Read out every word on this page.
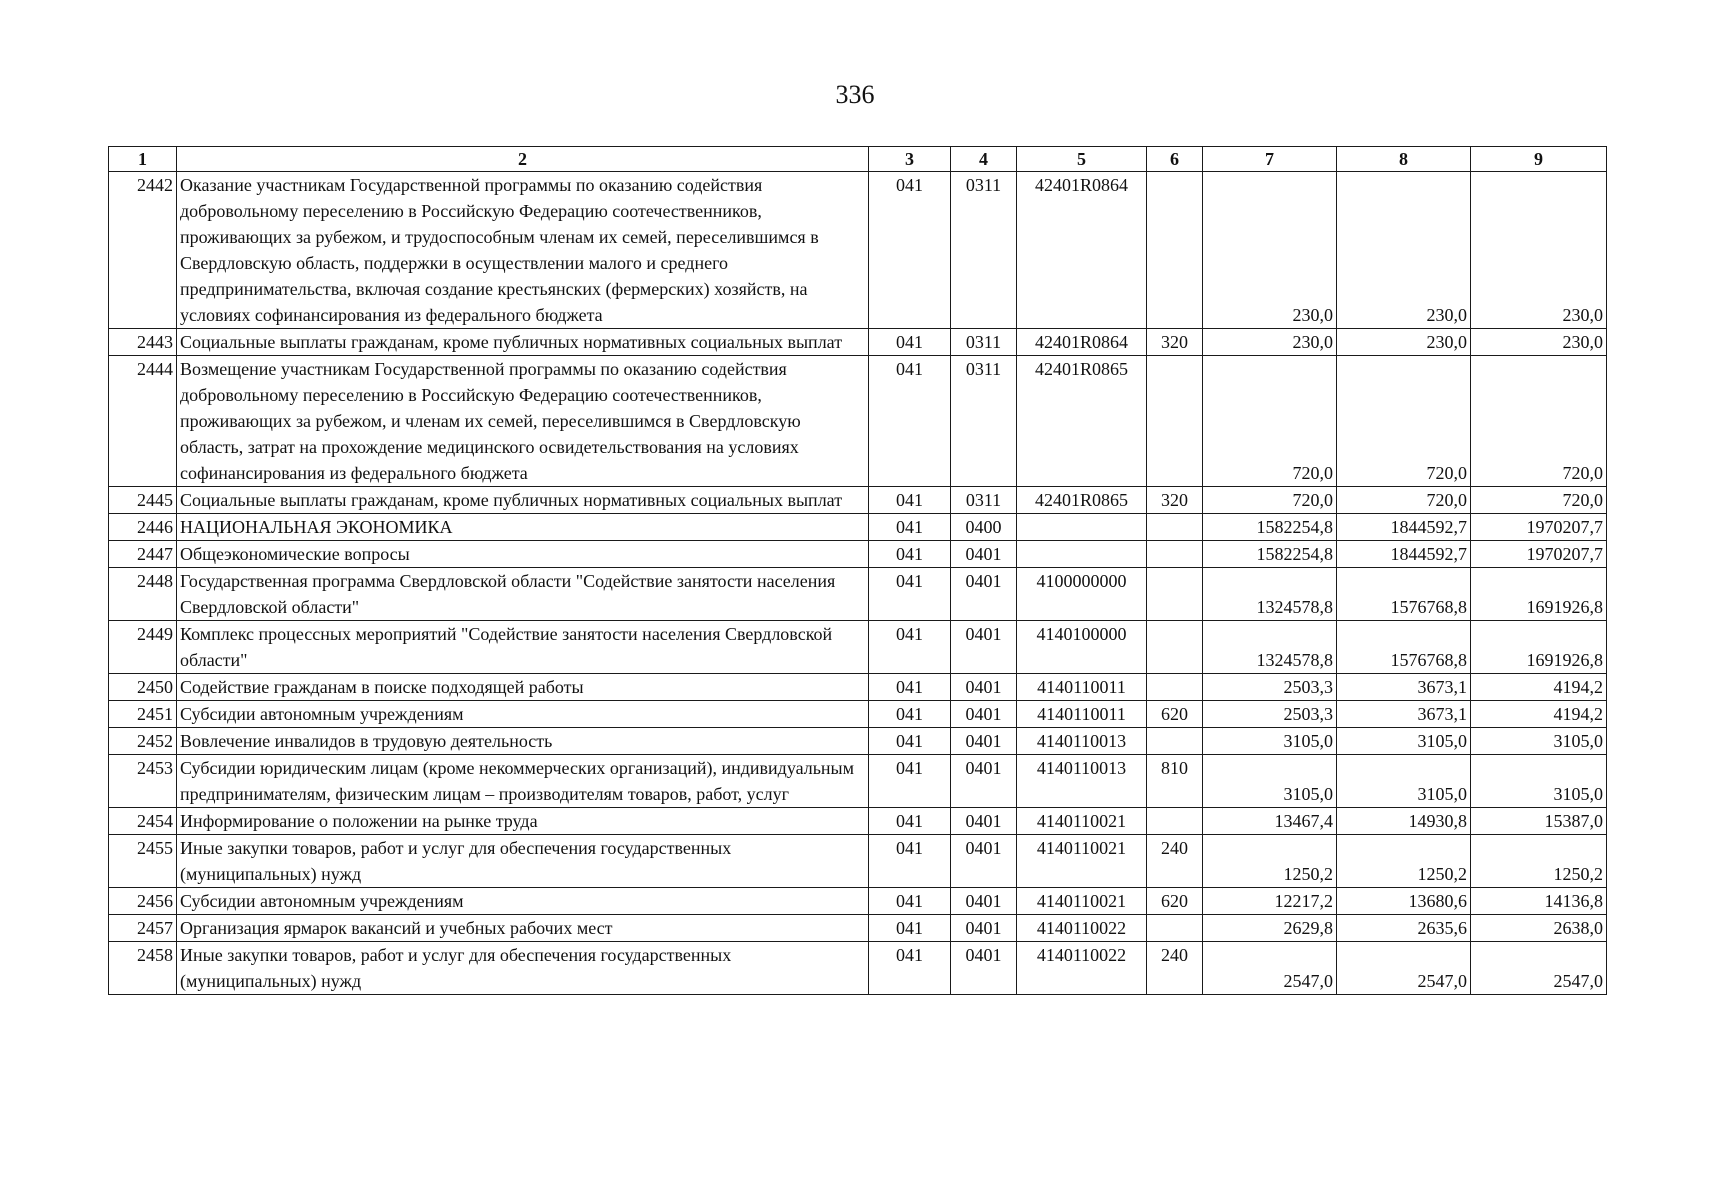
336
1	2	3	4	5	6	7	8	9
2442	Оказание участникам Государственной программы по оказанию содействия добровольному переселению в Российскую Федерацию соотечественников, проживающих за рубежом, и трудоспособным членам их семей, переселившимся в Свердловскую область, поддержки в осуществлении малого и среднего предпринимательства, включая создание крестьянских (фермерских) хозяйств, на условиях софинансирования из федерального бюджета	041	0311	42401R0864		230,0	230,0	230,0
2443	Социальные выплаты гражданам, кроме публичных нормативных социальных выплат	041	0311	42401R0864	320	230,0	230,0	230,0
2444	Возмещение участникам Государственной программы по оказанию содействия добровольному переселению в Российскую Федерацию соотечественников, проживающих за рубежом, и членам их семей, переселившимся в Свердловскую область, затрат на прохождение медицинского освидетельствования на условиях софинансирования из федерального бюджета	041	0311	42401R0865		720,0	720,0	720,0
2445	Социальные выплаты гражданам, кроме публичных нормативных социальных выплат	041	0311	42401R0865	320	720,0	720,0	720,0
2446	НАЦИОНАЛЬНАЯ ЭКОНОМИКА	041	0400			1582254,8	1844592,7	1970207,7
2447	Общеэкономические вопросы	041	0401			1582254,8	1844592,7	1970207,7
2448	Государственная программа Свердловской области "Содействие занятости населения Свердловской области"	041	0401	4100000000		1324578,8	1576768,8	1691926,8
2449	Комплекс процессных мероприятий "Содействие занятости населения Свердловской области"	041	0401	4140100000		1324578,8	1576768,8	1691926,8
2450	Содействие гражданам в поиске подходящей работы	041	0401	4140110011		2503,3	3673,1	4194,2
2451	Субсидии автономным учреждениям	041	0401	4140110011	620	2503,3	3673,1	4194,2
2452	Вовлечение инвалидов в трудовую деятельность	041	0401	4140110013		3105,0	3105,0	3105,0
2453	Субсидии юридическим лицам (кроме некоммерческих организаций), индивидуальным предпринимателям, физическим лицам – производителям товаров, работ, услуг	041	0401	4140110013	810	3105,0	3105,0	3105,0
2454	Информирование о положении на рынке труда	041	0401	4140110021		13467,4	14930,8	15387,0
2455	Иные закупки товаров, работ и услуг для обеспечения государственных (муниципальных) нужд	041	0401	4140110021	240	1250,2	1250,2	1250,2
2456	Субсидии автономным учреждениям	041	0401	4140110021	620	12217,2	13680,6	14136,8
2457	Организация ярмарок вакансий и учебных рабочих мест	041	0401	4140110022		2629,8	2635,6	2638,0
2458	Иные закупки товаров, работ и услуг для обеспечения государственных (муниципальных) нужд	041	0401	4140110022	240	2547,0	2547,0	2547,0
